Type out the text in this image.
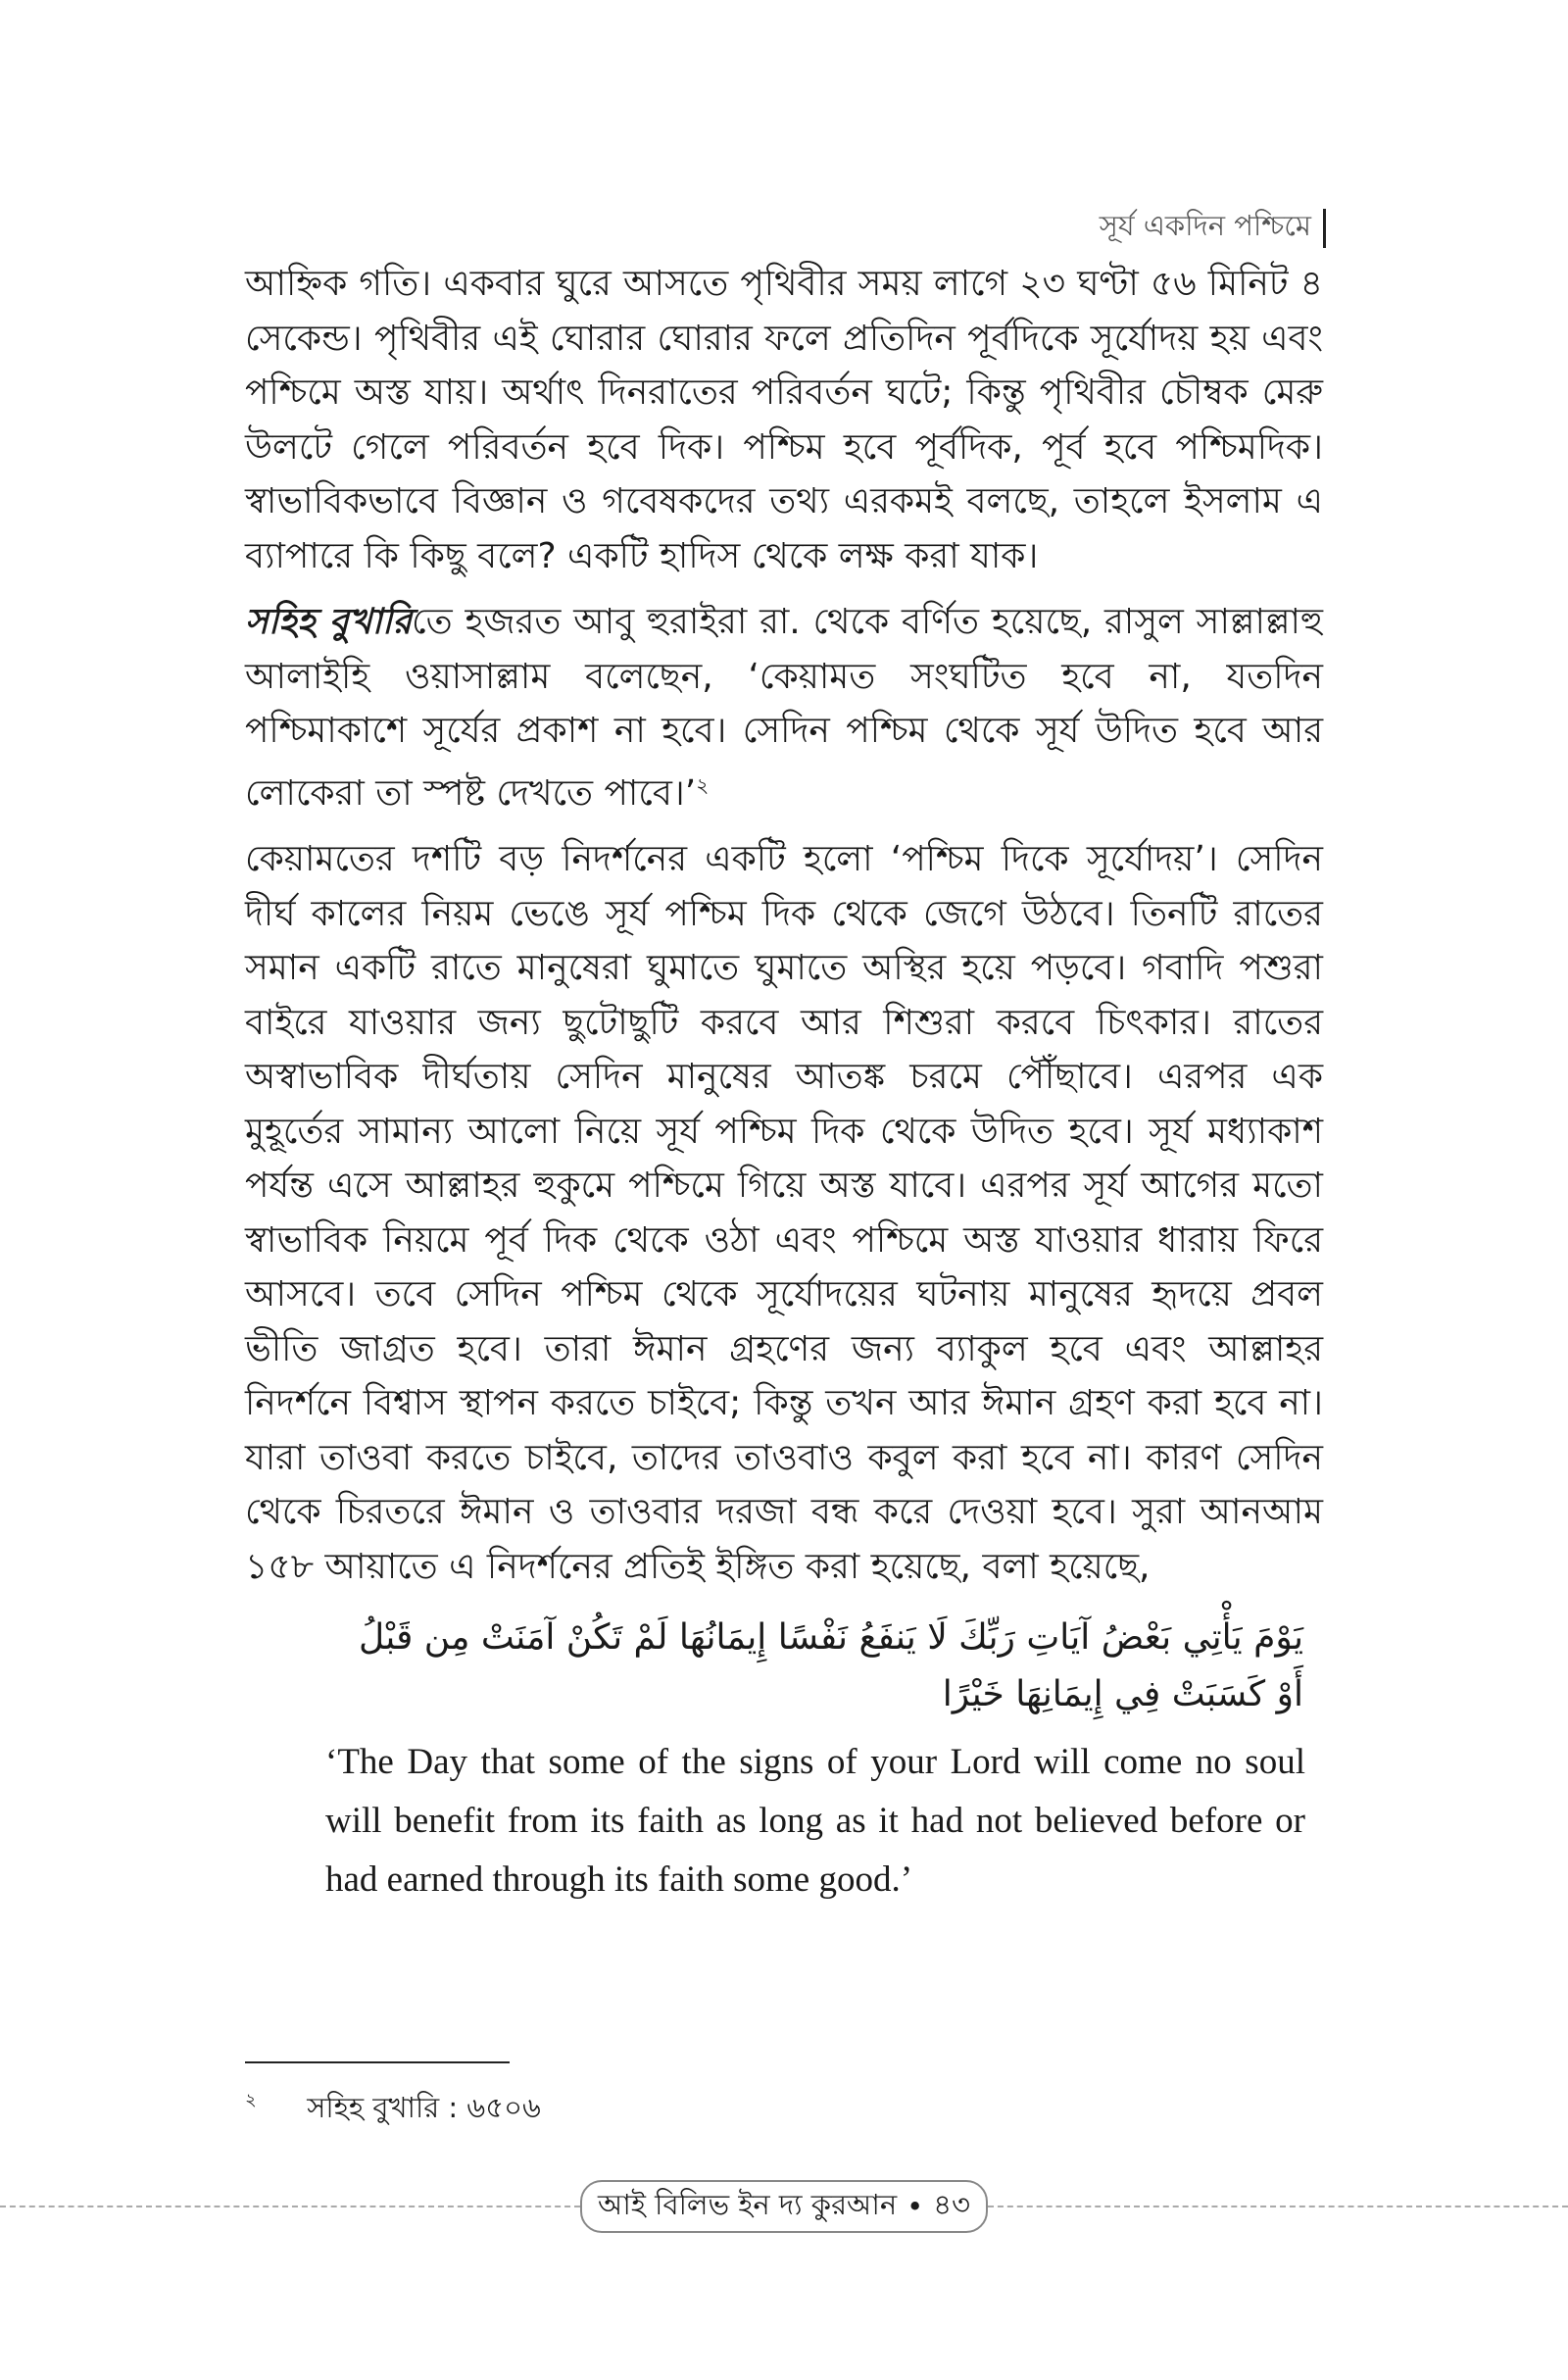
সূর্য একদিন পশ্চিমে

আহ্নিক গতি। একবার ঘুরে আসতে পৃথিবীর সময় লাগে ২৩ ঘণ্টা ৫৬ মিনিট ৪ সেকেন্ড। পৃথিবীর এই ঘোরার ঘোরার ফলে প্রতিদিন পূর্বদিকে সূর্যোদয় হয় এবং পশ্চিমে অস্ত যায়। অর্থাৎ দিনরাতের পরিবর্তন ঘটে; কিন্তু পৃথিবীর চৌম্বক মেরু উলটে গেলে পরিবর্তন হবে দিক। পশ্চিম হবে পূর্বদিক, পূর্ব হবে পশ্চিমদিক। স্বাভাবিকভাবে বিজ্ঞান ও গবেষকদের তথ্য এরকমই বলছে, তাহলে ইসলাম এ ব্যাপারে কি কিছু বলে? একটি হাদিস থেকে লক্ষ করা যাক।

সহিহ বুখারিতে হজরত আবু হুরাইরা রা. থেকে বর্ণিত হয়েছে, রাসুল সাল্লাল্লাহু আলাইহি ওয়াসাল্লাম বলেছেন, ‘কেয়ামত সংঘটিত হবে না, যতদিন পশ্চিমাকাশে সূর্যের প্রকাশ না হবে। সেদিন পশ্চিম থেকে সূর্য উদিত হবে আর লোকেরা তা স্পষ্ট দেখতে পাবে।’$^২$

কেয়ামতের দশটি বড় নিদর্শনের একটি হলো ‘পশ্চিম দিকে সূর্যোদয়’। সেদিন দীর্ঘ কালের নিয়ম ভেঙে সূর্য পশ্চিম দিক থেকে জেগে উঠবে। তিনটি রাতের সমান একটি রাতে মানুষেরা ঘুমাতে ঘুমাতে অস্থির হয়ে পড়বে। গবাদি পশুরা বাইরে যাওয়ার জন্য ছুটোছুটি করবে আর শিশুরা করবে চিৎকার। রাতের অস্বাভাবিক দীর্ঘতায় সেদিন মানুষের আতঙ্ক চরমে পৌঁছাবে। এরপর এক মুহূর্তের সামান্য আলো নিয়ে সূর্য পশ্চিম দিক থেকে উদিত হবে। সূর্য মধ্যাকাশ পর্যন্ত এসে আল্লাহর হুকুমে পশ্চিমে গিয়ে অস্ত যাবে। এরপর সূর্য আগের মতো স্বাভাবিক নিয়মে পূর্ব দিক থেকে ওঠা এবং পশ্চিমে অস্ত যাওয়ার ধারায় ফিরে আসবে। তবে সেদিন পশ্চিম থেকে সূর্যোদয়ের ঘটনায় মানুষের হৃদয়ে প্রবল ভীতি জাগ্রত হবে। তারা ঈমান গ্রহণের জন্য ব্যাকুল হবে এবং আল্লাহর নিদর্শনে বিশ্বাস স্থাপন করতে চাইবে; কিন্তু তখন আর ঈমান গ্রহণ করা হবে না। যারা তাওবা করতে চাইবে, তাদের তাওবাও কবুল করা হবে না। কারণ সেদিন থেকে চিরতরে ঈমান ও তাওবার দরজা বন্ধ করে দেওয়া হবে। সুরা আনআম ১৫৮ আয়াতে এ নিদর্শনের প্রতিই ইঙ্গিত করা হয়েছে, বলা হয়েছে,

يَوْمَ يَأْتِي بَعْضُ آيَاتِ رَبِّكَ لَا يَنفَعُ نَفْسًا إِيمَانُهَا لَمْ تَكُنْ آمَنَتْ مِن قَبْلُ أَوْ كَسَبَتْ فِي إِيمَانِهَا خَيْرًا
‘The Day that some of the signs of your Lord will come no soul will benefit from its faith as long as it had not believed before or had earned through its faith some good.’
২ সহিহ বুখারি : ৬৫০৬
আই বিলিভ ইন দ্য কুরআন • ৪৩
